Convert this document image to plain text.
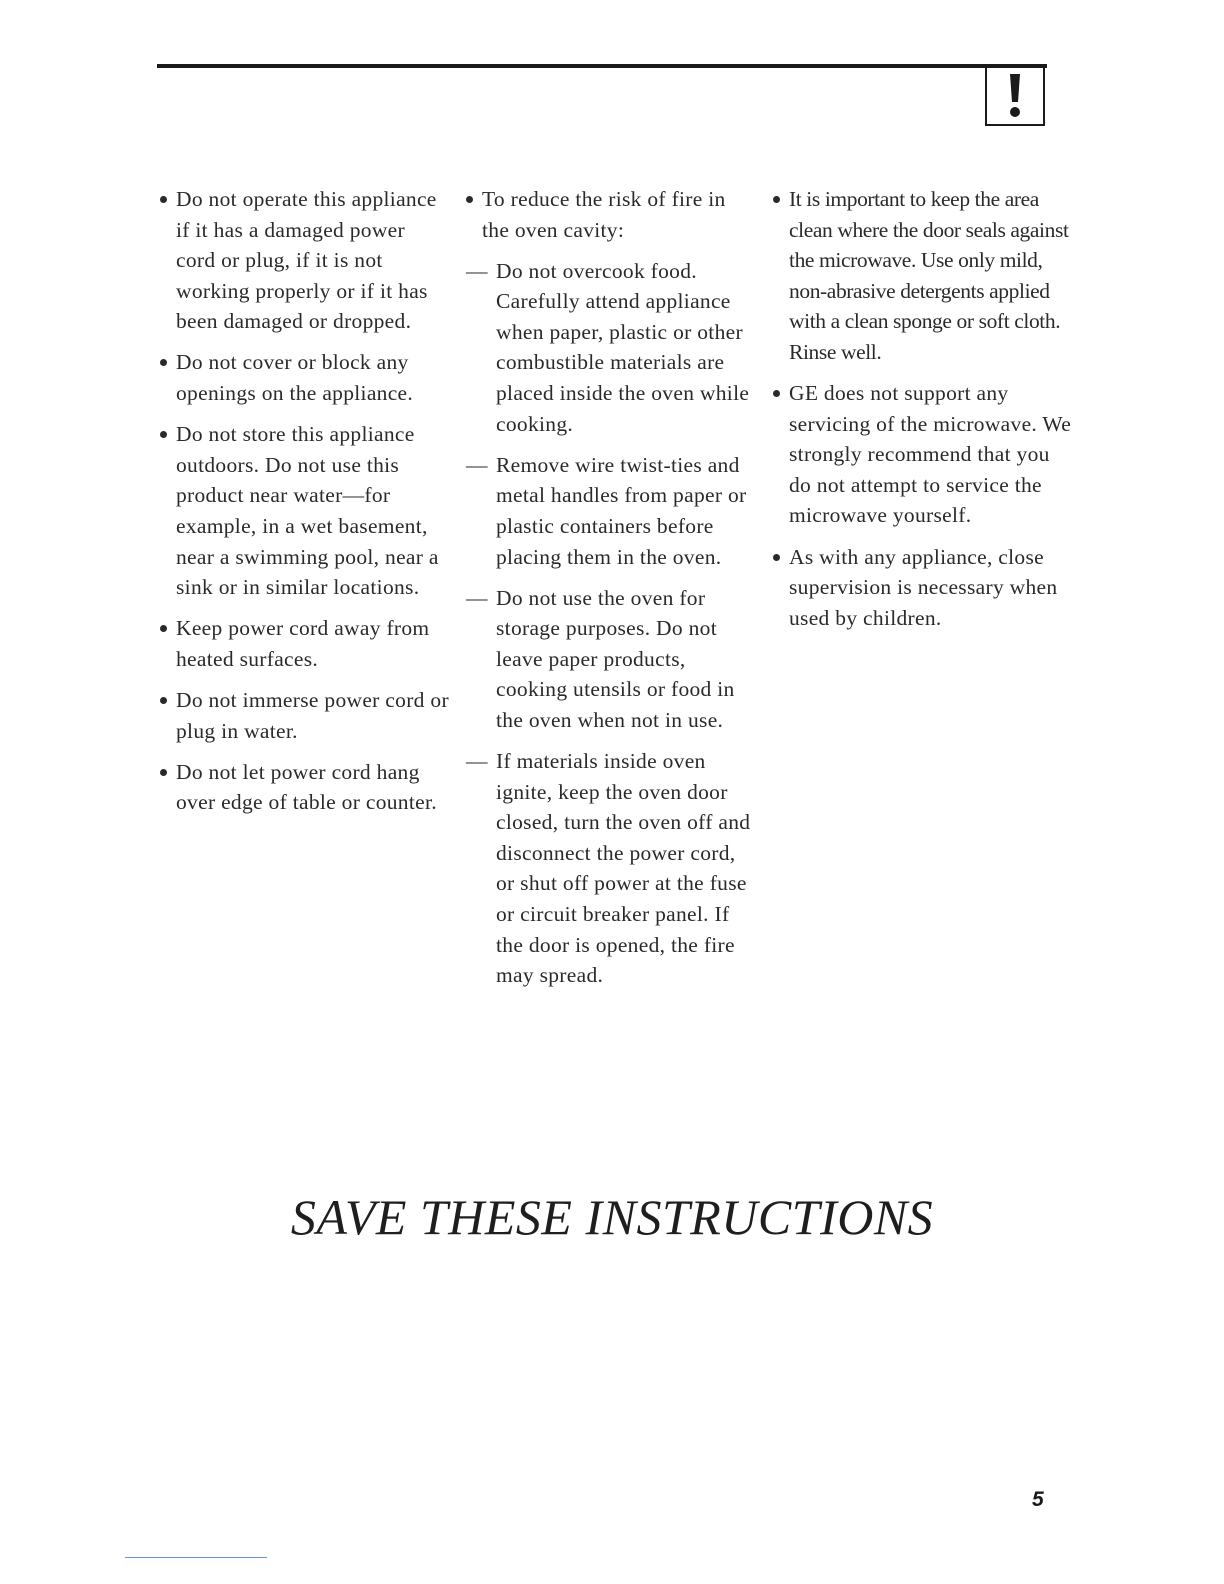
Do not operate this appliance if it has a damaged power cord or plug, if it is not working properly or if it has been damaged or dropped.

Do not cover or block any openings on the appliance.

Do not store this appliance outdoors. Do not use this product near water—for example, in a wet basement, near a swimming pool, near a sink or in similar locations.

Keep power cord away from heated surfaces.

Do not immerse power cord or plug in water.

Do not let power cord hang over edge of table or counter.

To reduce the risk of fire in the oven cavity:

— Do not overcook food. Carefully attend appliance when paper, plastic or other combustible materials are placed inside the oven while cooking.

— Remove wire twist-ties and metal handles from paper or plastic containers before placing them in the oven.

— Do not use the oven for storage purposes. Do not leave paper products, cooking utensils or food in the oven when not in use.

— If materials inside oven ignite, keep the oven door closed, turn the oven off and disconnect the power cord, or shut off power at the fuse or circuit breaker panel. If the door is opened, the fire may spread.

It is important to keep the area clean where the door seals against the microwave. Use only mild, non-abrasive detergents applied with a clean sponge or soft cloth. Rinse well.

GE does not support any servicing of the microwave. We strongly recommend that you do not attempt to service the microwave yourself.

As with any appliance, close supervision is necessary when used by children.

SAVE THESE INSTRUCTIONS
5
